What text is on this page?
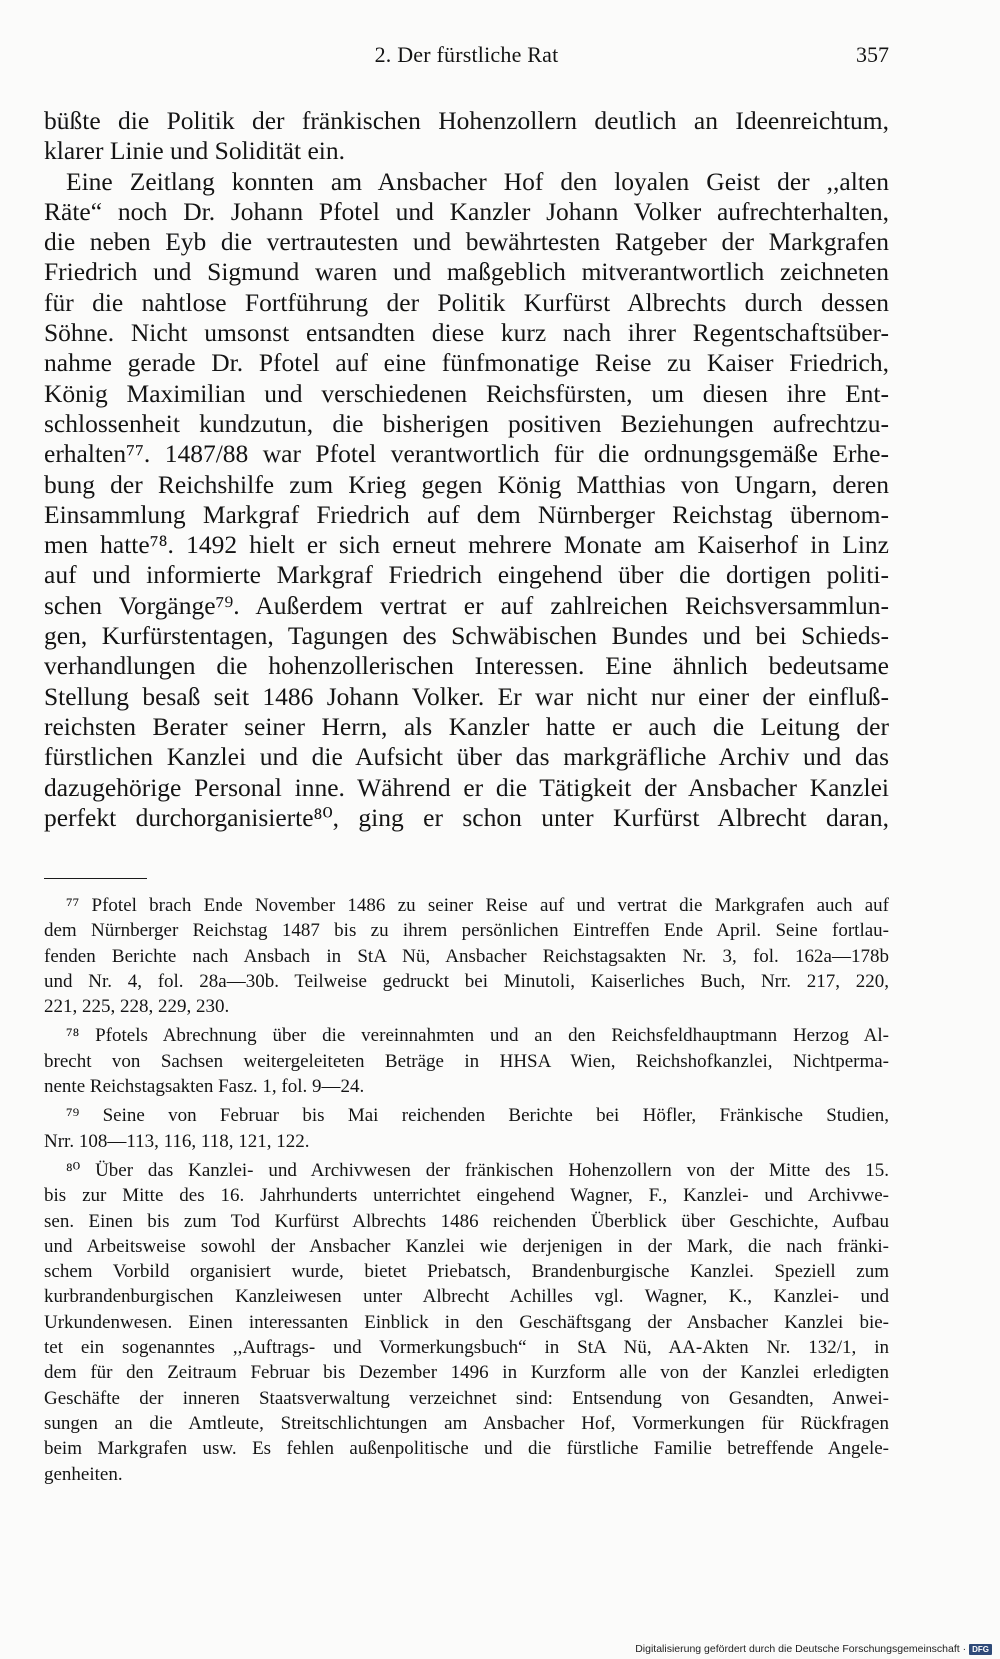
2. Der fürstliche Rat	357
büßte die Politik der fränkischen Hohenzollern deutlich an Ideenreichtum,
klarer Linie und Solidität ein.
Eine Zeitlang konnten am Ansbacher Hof den loyalen Geist der ,,alten
Räte“ noch Dr. Johann Pfotel und Kanzler Johann Volker aufrechterhalten,
die neben Eyb die vertrautesten und bewährtesten Ratgeber der Markgrafen
Friedrich und Sigmund waren und maßgeblich mitverantwortlich zeichneten
für die nahtlose Fortführung der Politik Kurfürst Albrechts durch dessen
Söhne. Nicht umsonst entsandten diese kurz nach ihrer Regentschaftsüber-
nahme gerade Dr. Pfotel auf eine fünfmonatige Reise zu Kaiser Friedrich,
König Maximilian und verschiedenen Reichsfürsten, um diesen ihre Ent-
schlossenheit kundzutun, die bisherigen positiven Beziehungen aufrechtzu-
erhalten⁷⁷. 1487/88 war Pfotel verantwortlich für die ordnungsgemäße Erhe-
bung der Reichshilfe zum Krieg gegen König Matthias von Ungarn, deren
Einsammlung Markgraf Friedrich auf dem Nürnberger Reichstag übernom-
men hatte⁷⁸. 1492 hielt er sich erneut mehrere Monate am Kaiserhof in Linz
auf und informierte Markgraf Friedrich eingehend über die dortigen politi-
schen Vorgänge⁷⁹. Außerdem vertrat er auf zahlreichen Reichsversammlun-
gen, Kurfürstentagen, Tagungen des Schwäbischen Bundes und bei Schieds-
verhandlungen die hohenzollerischen Interessen. Eine ähnlich bedeutsame
Stellung besaß seit 1486 Johann Volker. Er war nicht nur einer der einfluß-
reichsten Berater seiner Herrn, als Kanzler hatte er auch die Leitung der
fürstlichen Kanzlei und die Aufsicht über das markgräfliche Archiv und das
dazugehörige Personal inne. Während er die Tätigkeit der Ansbacher Kanzlei
perfekt durchorganisierte⁸⁰, ging er schon unter Kurfürst Albrecht daran,
⁷⁷ Pfotel brach Ende November 1486 zu seiner Reise auf und vertrat die Markgrafen auch auf
dem Nürnberger Reichstag 1487 bis zu ihrem persönlichen Eintreffen Ende April. Seine fortlau-
fenden Berichte nach Ansbach in StA Nü, Ansbacher Reichstagsakten Nr. 3, fol. 162a—178b
und Nr. 4, fol. 28a—30b. Teilweise gedruckt bei Minutoli, Kaiserliches Buch, Nrr. 217, 220,
221, 225, 228, 229, 230.
⁷⁸ Pfotels Abrechnung über die vereinnahmten und an den Reichsfeldhauptmann Herzog Al-
brecht von Sachsen weitergeleiteten Beträge in HHSA Wien, Reichshofkanzlei, Nichtperma-
nente Reichstagsakten Fasz. 1, fol. 9—24.
⁷⁹ Seine von Februar bis Mai reichenden Berichte bei Höfler, Fränkische Studien,
Nrr. 108—113, 116, 118, 121, 122.
⁸⁰ Über das Kanzlei- und Archivwesen der fränkischen Hohenzollern von der Mitte des 15.
bis zur Mitte des 16. Jahrhunderts unterrichtet eingehend Wagner, F., Kanzlei- und Archivwe-
sen. Einen bis zum Tod Kurfürst Albrechts 1486 reichenden Überblick über Geschichte, Aufbau
und Arbeitsweise sowohl der Ansbacher Kanzlei wie derjenigen in der Mark, die nach fränki-
schem Vorbild organisiert wurde, bietet Priebatsch, Brandenburgische Kanzlei. Speziell zum
kurbrandenburgischen Kanzleiwesen unter Albrecht Achilles vgl. Wagner, K., Kanzlei- und
Urkundenwesen. Einen interessanten Einblick in den Geschäftsgang der Ansbacher Kanzlei bie-
tet ein sogenanntes ,,Auftrags- und Vormerkungsbuch“ in StA Nü, AA-Akten Nr. 132/1, in
dem für den Zeitraum Februar bis Dezember 1496 in Kurzform alle von der Kanzlei erledigten
Geschäfte der inneren Staatsverwaltung verzeichnet sind: Entsendung von Gesandten, Anwei-
sungen an die Amtleute, Streitschlichtungen am Ansbacher Hof, Vormerkungen für Rückfragen
beim Markgrafen usw. Es fehlen außenpolitische und die fürstliche Familie betreffende Angele-
genheiten.
Digitalisierung gefördert durch die Deutsche Forschungsgemeinschaft · DFG
